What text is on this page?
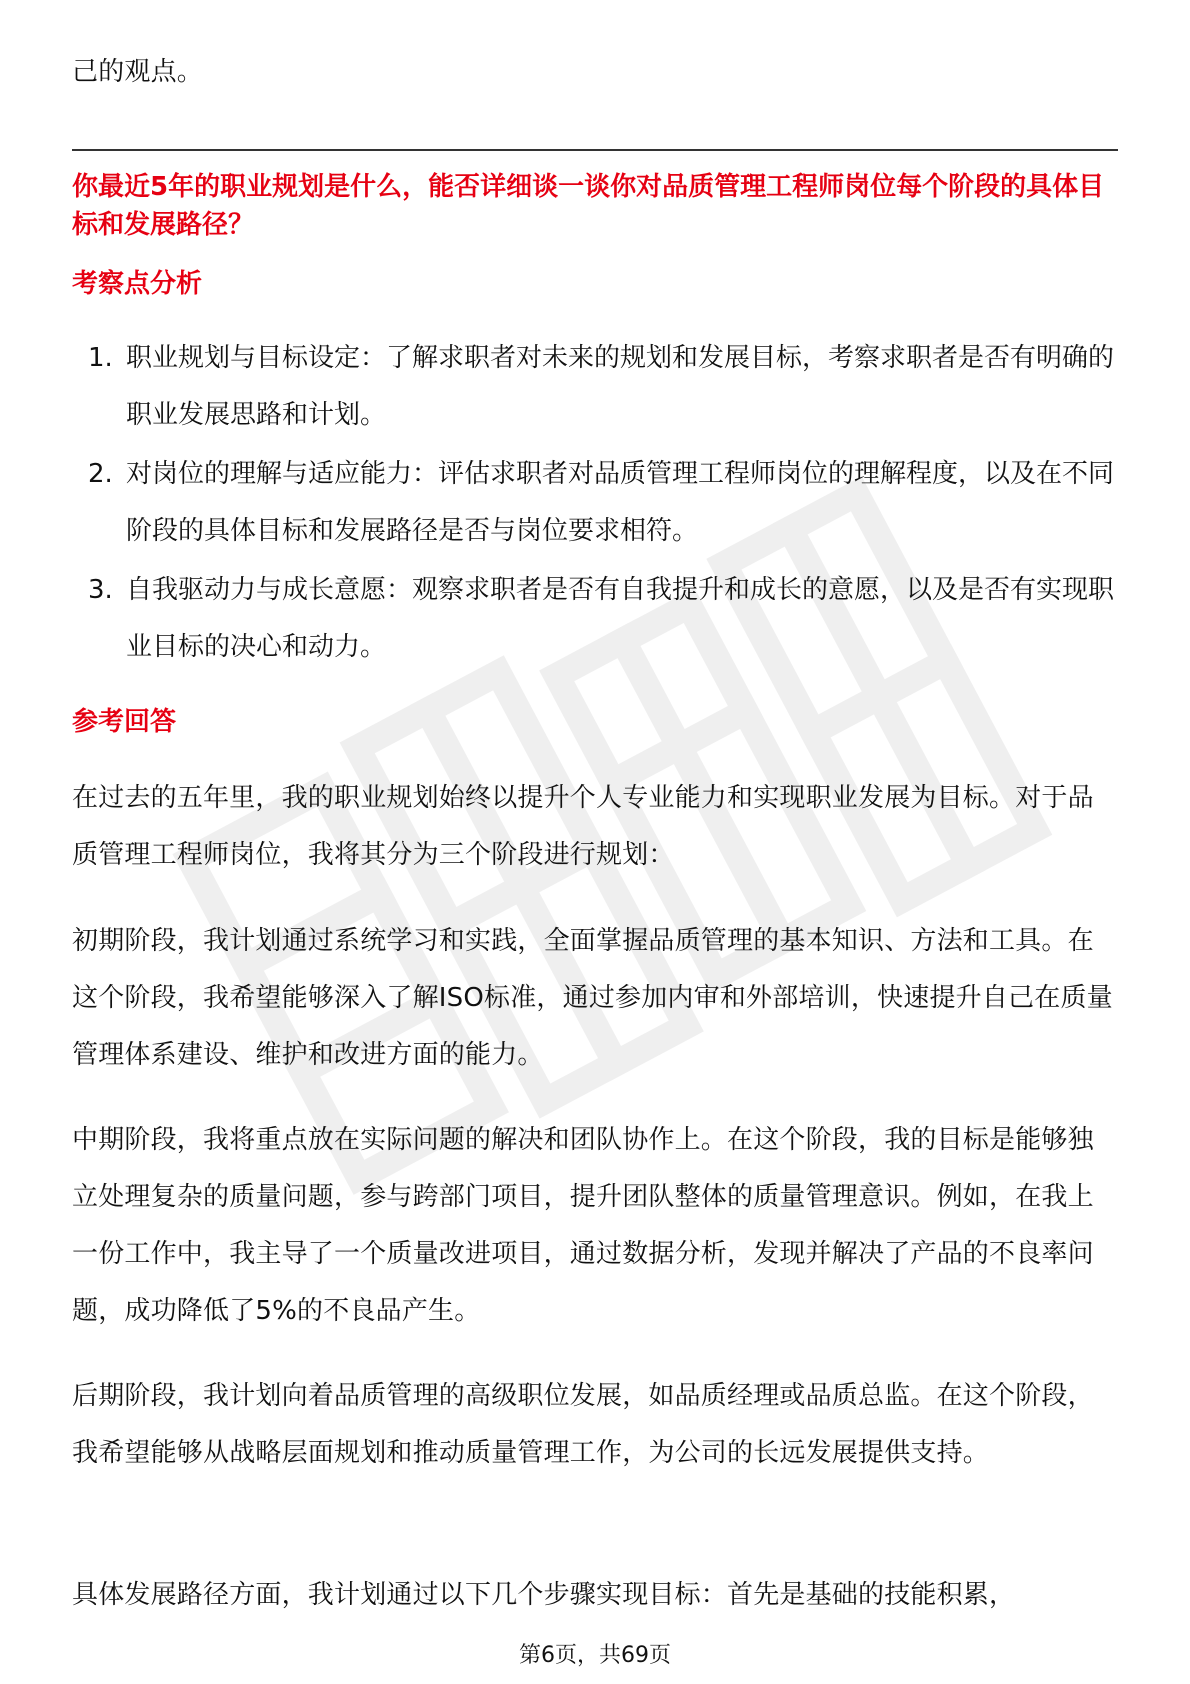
己的观点。

你最近5年的职业规划是什么，能否详细谈一谈你对品质管理工程师岗位每个阶段的具体目标和发展路径？

考察点分析

1. 职业规划与目标设定：了解求职者对未来的规划和发展目标，考察求职者是否有明确的职业发展思路和计划。
2. 对岗位的理解与适应能力：评估求职者对品质管理工程师岗位的理解程度，以及在不同阶段的具体目标和发展路径是否与岗位要求相符。
3. 自我驱动力与成长意愿：观察求职者是否有自我提升和成长的意愿，以及是否有实现职业目标的决心和动力。

参考回答

在过去的五年里，我的职业规划始终以提升个人专业能力和实现职业发展为目标。对于品质管理工程师岗位，我将其分为三个阶段进行规划：

初期阶段，我计划通过系统学习和实践，全面掌握品质管理的基本知识、方法和工具。在这个阶段，我希望能够深入了解ISO标准，通过参加内审和外部培训，快速提升自己在质量管理体系建设、维护和改进方面的能力。

中期阶段，我将重点放在实际问题的解决和团队协作上。在这个阶段，我的目标是能够独立处理复杂的质量问题，参与跨部门项目，提升团队整体的质量管理意识。例如，在我上一份工作中，我主导了一个质量改进项目，通过数据分析，发现并解决了产品的不良率问题，成功降低了5%的不良品产生。

后期阶段，我计划向着品质管理的高级职位发展，如品质经理或品质总监。在这个阶段，我希望能够从战略层面规划和推动质量管理工作，为公司的长远发展提供支持。

具体发展路径方面，我计划通过以下几个步骤实现目标：首先是基础的技能积累，

第6页，共69页
